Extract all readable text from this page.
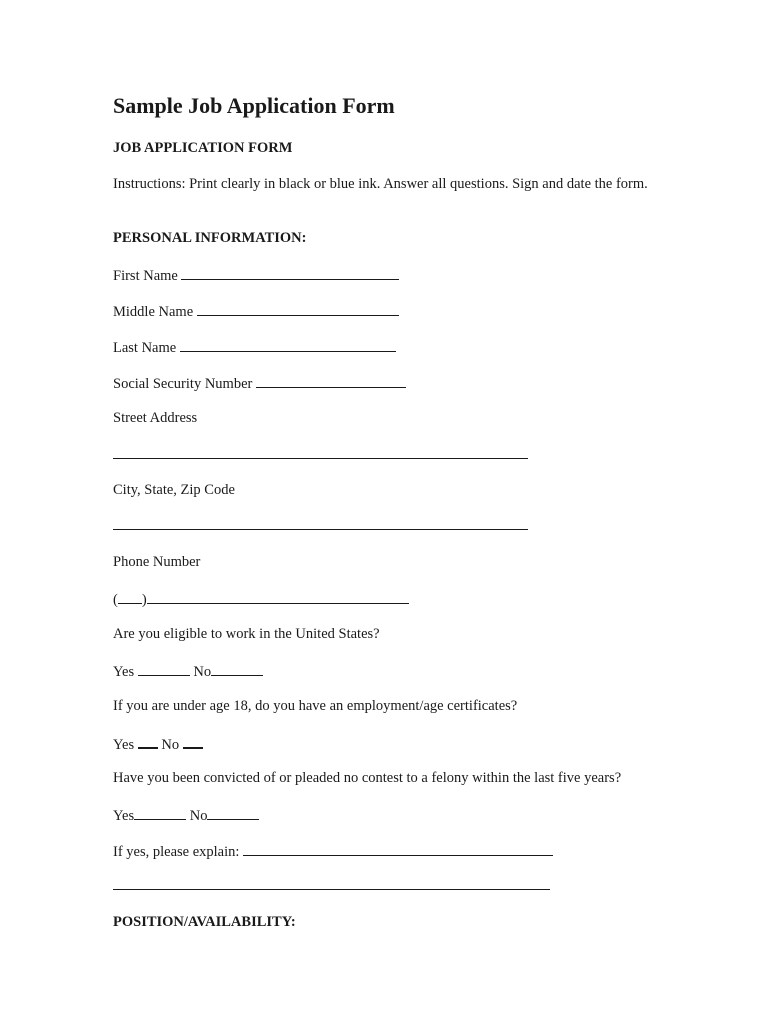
Sample Job Application Form
JOB APPLICATION FORM
Instructions: Print clearly in black or blue ink. Answer all questions. Sign and date the form.
PERSONAL INFORMATION:
First Name
Middle Name
Last Name
Social Security Number
Street Address
City, State, Zip Code
Phone Number
( )
Are you eligible to work in the United States?
Yes	No
If you are under age 18, do you have an employment/age certificates?
Yes No
Have you been convicted of or pleaded no contest to a felony within the last five years?
Yes	No
If yes, please explain:
POSITION/AVAILABILITY:
